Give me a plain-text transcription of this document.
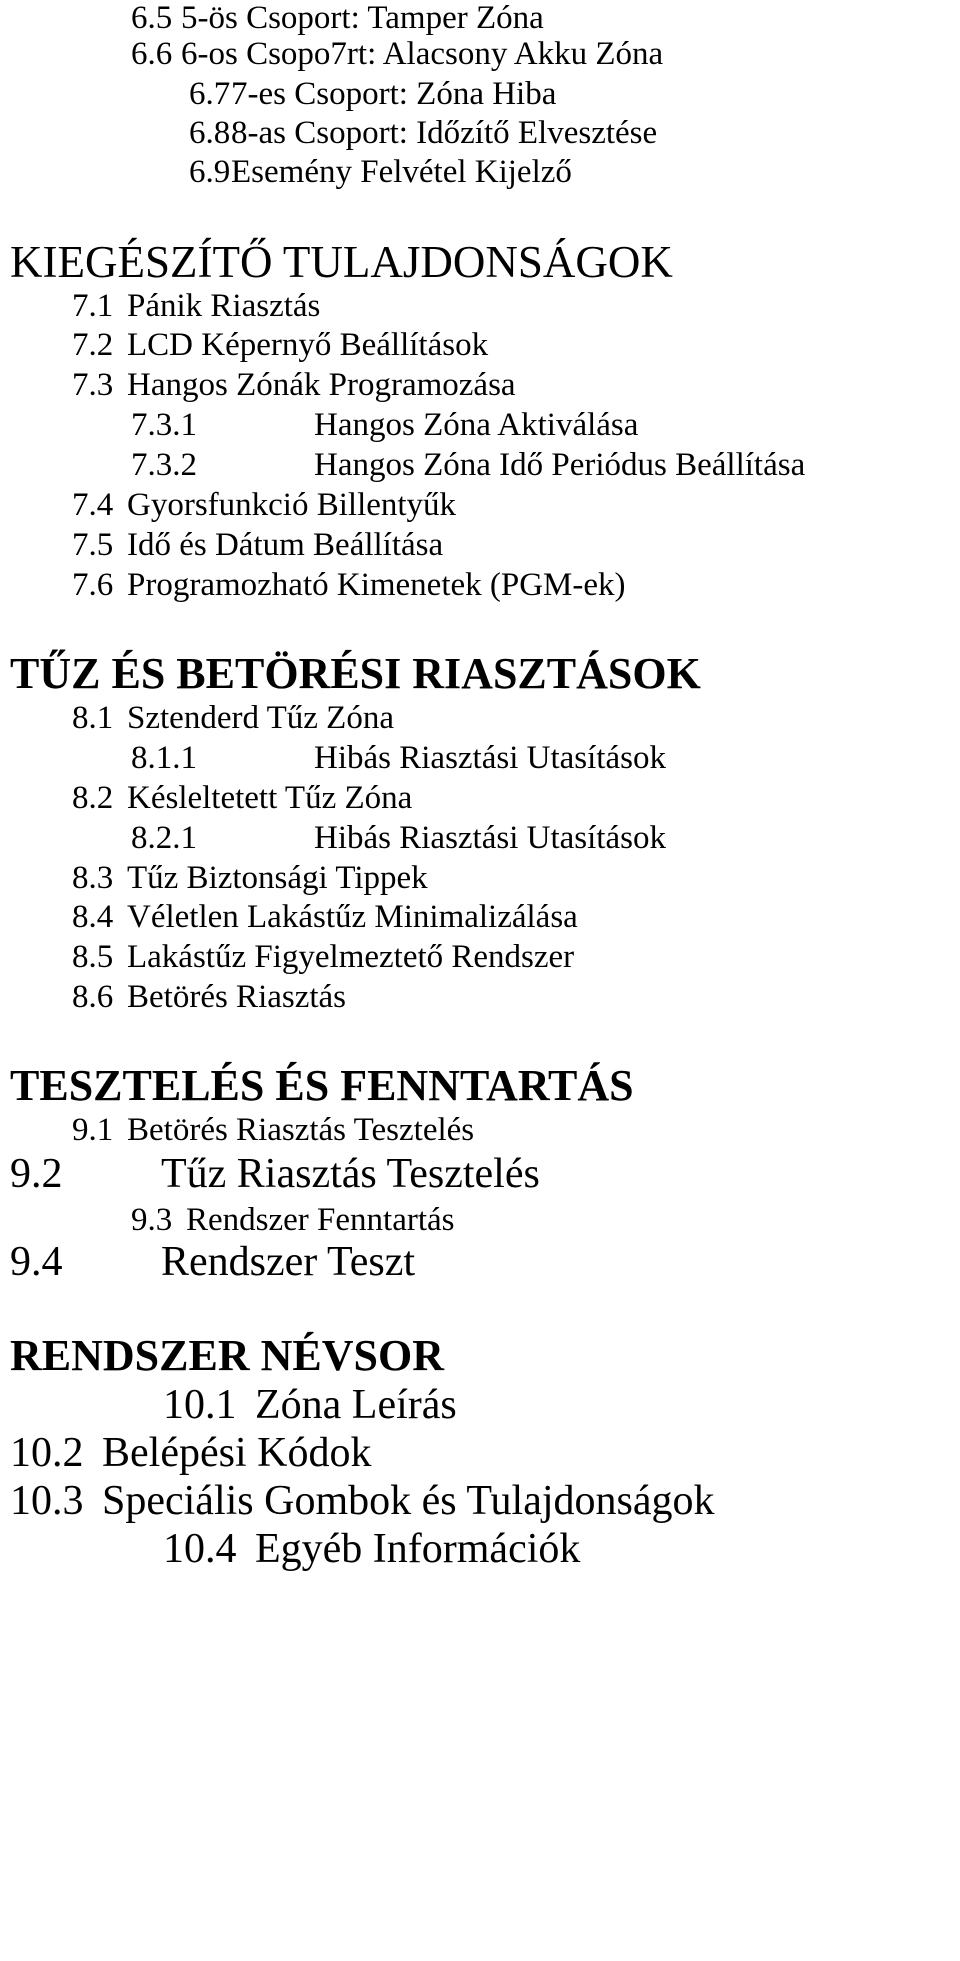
6.5 5-ös Csoport: Tamper Zóna
6.6 6-os Csopo7rt: Alacsony Akku Zóna
6.77-es Csoport: Zóna Hiba
6.88-as Csoport: Időzítő Elvesztése
6.9Esemény Felvétel Kijelző
KIEGÉSZÍTŐ TULAJDONSÁGOK
7.1 Pánik Riasztás
7.2 LCD Képernyő Beállítások
7.3 Hangos Zónák Programozása
7.3.1	Hangos Zóna Aktiválása
7.3.2	Hangos Zóna Idő Periódus Beállítása
7.4 Gyorsfunkció Billentyűk
7.5 Idő és Dátum Beállítása
7.6 Programozható Kimenetek (PGM-ek)
TŰZ ÉS BETÖRÉSI RIASZTÁSOK
8.1 Sztenderd Tűz Zóna
8.1.1	Hibás Riasztási Utasítások
8.2 Késleltetett Tűz Zóna
8.2.1	Hibás Riasztási Utasítások
8.3 Tűz Biztonsági Tippek
8.4 Véletlen Lakástűz Minimalizálása
8.5 Lakástűz Figyelmeztető Rendszer
8.6 Betörés Riasztás
TESZTELÉS ÉS FENNTARTÁS
9.1 Betörés Riasztás Tesztelés
9.2 Tűz Riasztás Tesztelés
9.3 Rendszer Fenntartás
9.4 Rendszer Teszt
RENDSZER NÉVSOR
10.1 Zóna Leírás
10.2 Belépési Kódok
10.3 Speciális Gombok és Tulajdonságok
10.4 Egyéb Információk
